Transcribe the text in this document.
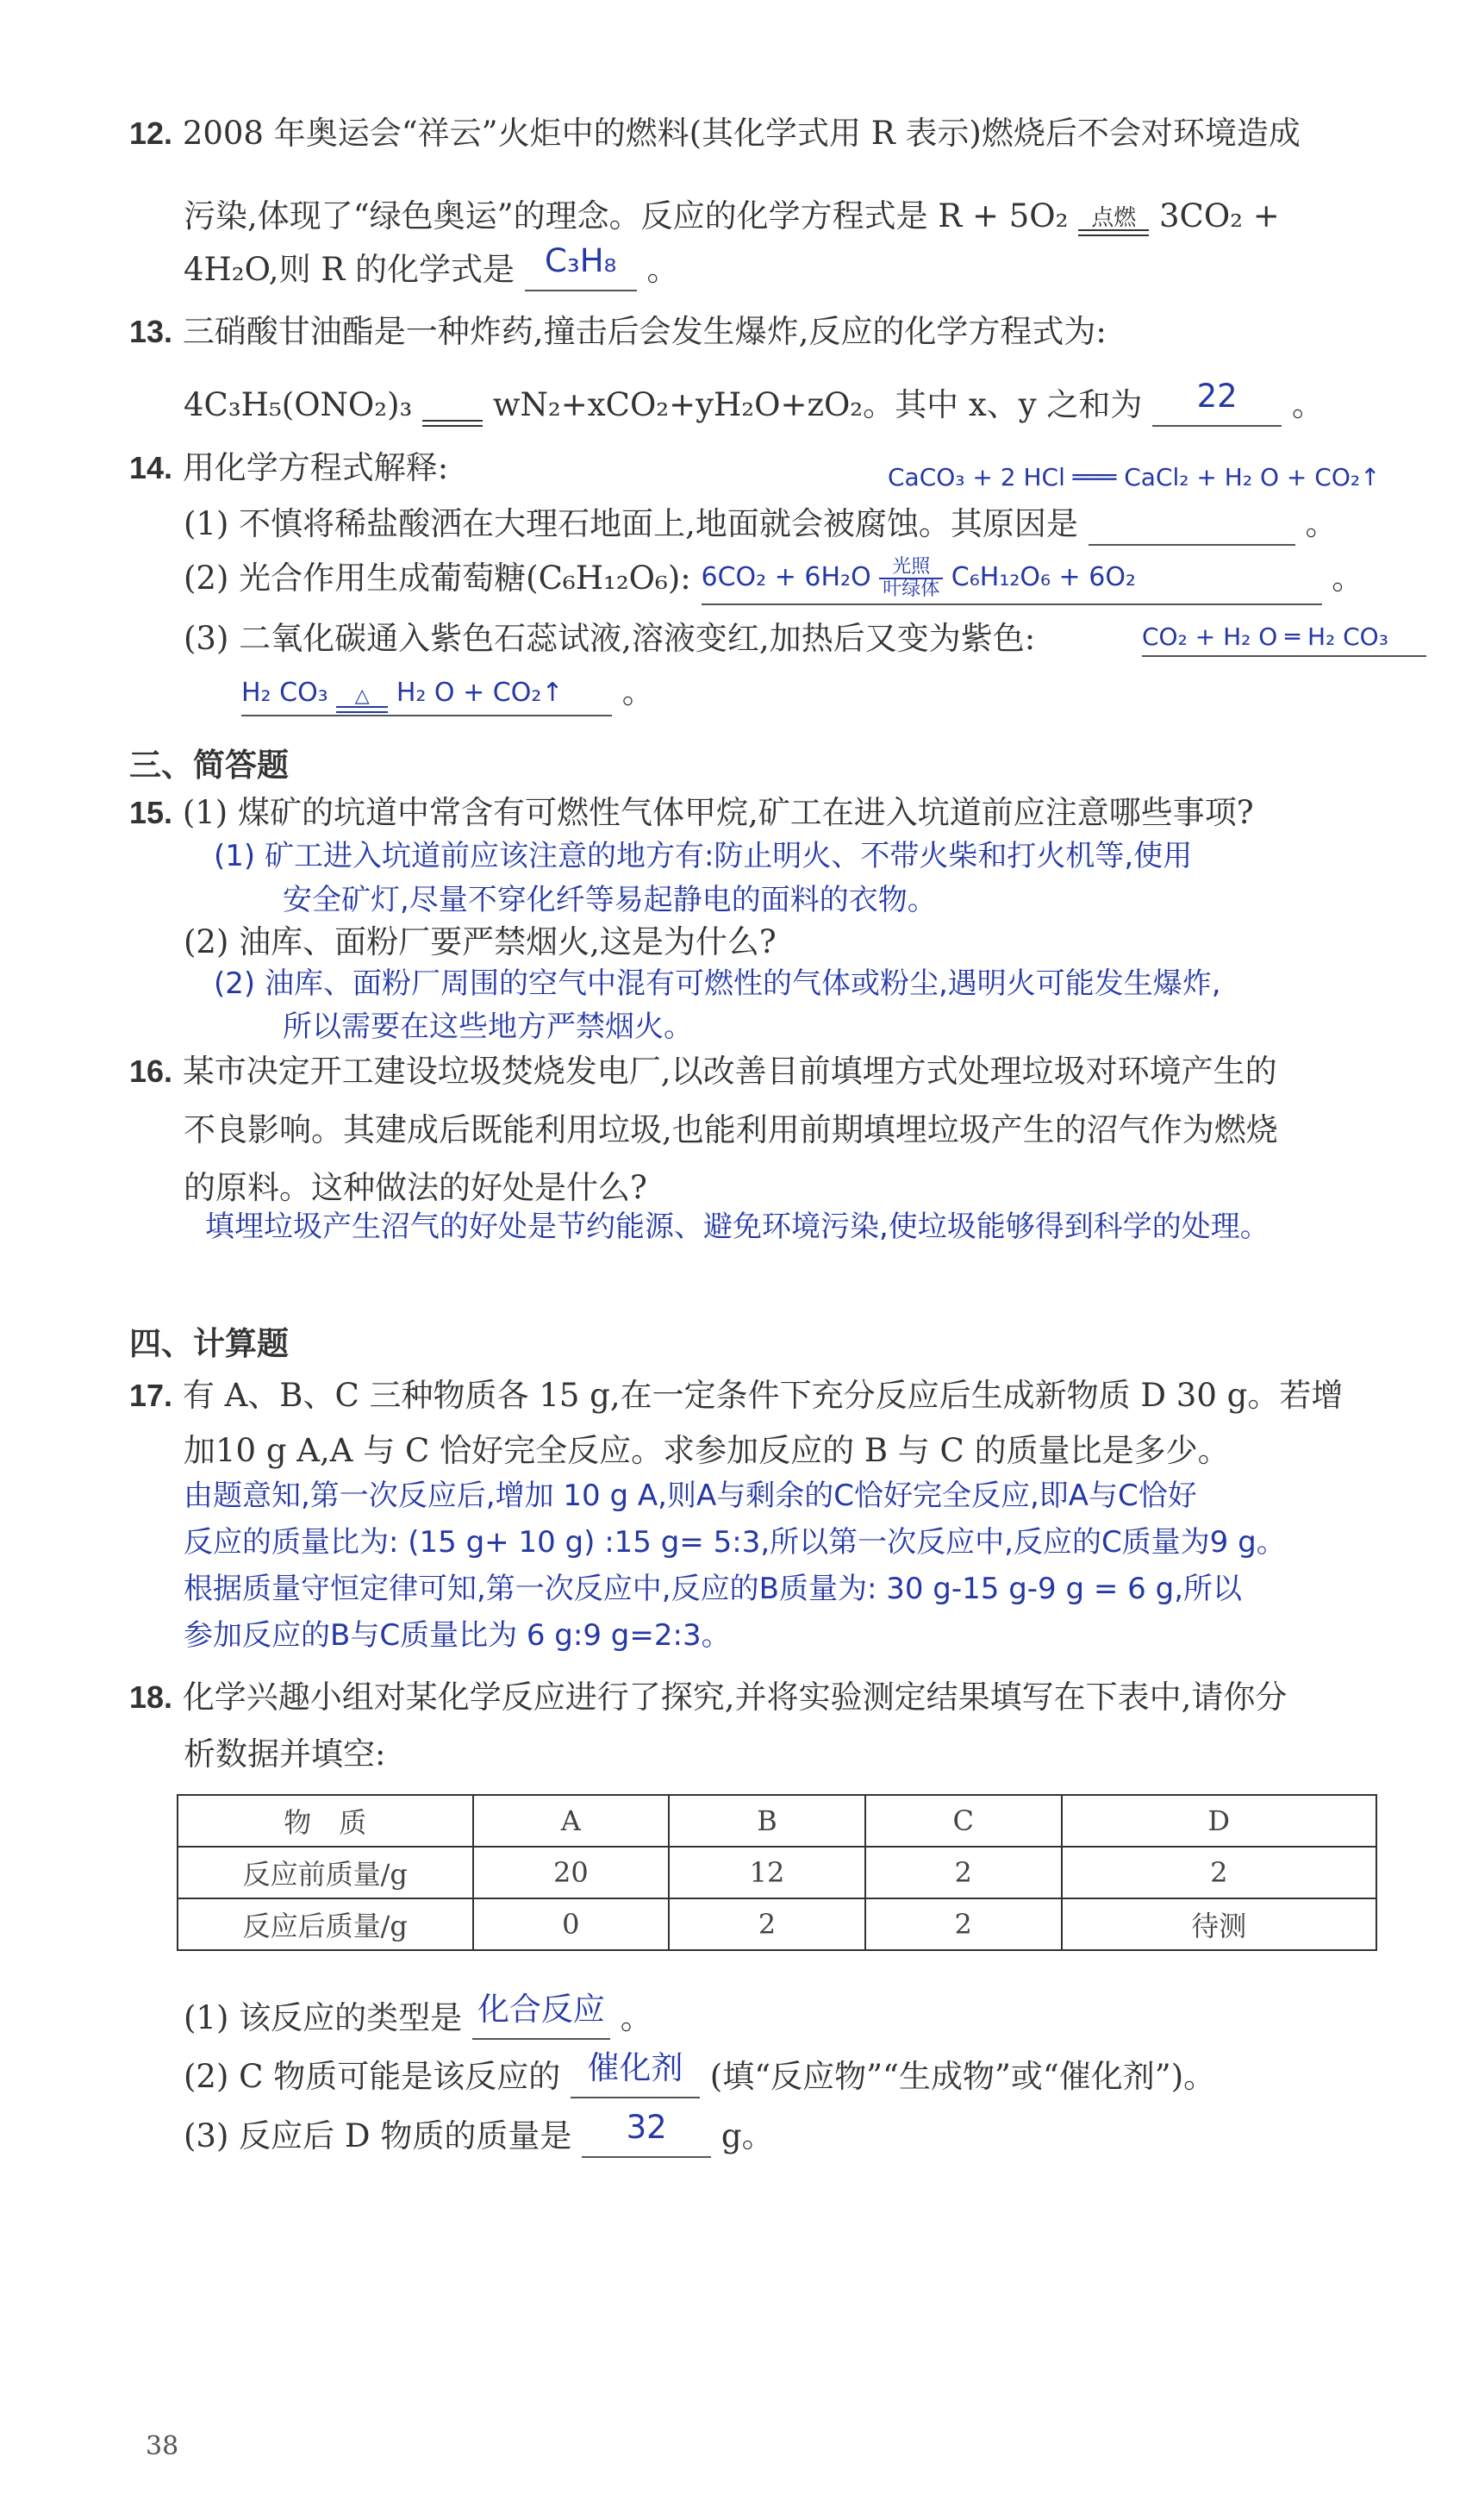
12. 2008 年奥运会“祥云”火炬中的燃料(其化学式用 R 表示)燃烧后不会对环境造成
污染,体现了“绿色奥运”的理念。反应的化学方程式是 R + 5O₂	点燃 3CO₂ +
4H₂O,则 R 的化学式是 C₃H₈ 。
13. 三硝酸甘油酯是一种炸药,撞击后会发生爆炸,反应的化学方程式为:
4C₃H₅(ONO₂)₃	wN₂+xCO₂+yH₂O+zO₂。其中 x、y 之和为 22 。
14. 用化学方程式解释:	CaCO₃ + 2 HCl ═══ CaCl₂ + H₂ O + CO₂↑
(1) 不慎将稀盐酸洒在大理石地面上,地面就会被腐蚀。其原因是	。
(2) 光合作用生成葡萄糖(C₆H₁₂O₆): $6CO_2 + 6H_2O \frac{\text{光照}}{\text{叶绿体}} C_6H_{12}O_6 + 6O_2$	。
(3) 二氧化碳通入紫色石蕊试液,溶液变红,加热后又变为紫色:	CO₂ + H₂ O ═ H₂ CO₃
H₂ CO₃	△	H₂ O + CO₂↑ 。
三、简答题
15. (1) 煤矿的坑道中常含有可燃性气体甲烷,矿工在进入坑道前应注意哪些事项?
(1) 矿工进入坑道前应该注意的地方有:防止明火、不带火柴和打火机等,使用
安全矿灯,尽量不穿化纤等易起静电的面料的衣物。
(2) 油库、面粉厂要严禁烟火,这是为什么?
(2) 油库、面粉厂周围的空气中混有可燃性的气体或粉尘,遇明火可能发生爆炸,
所以需要在这些地方严禁烟火。
16. 某市决定开工建设垃圾焚烧发电厂,以改善目前填埋方式处理垃圾对环境产生的
不良影响。其建成后既能利用垃圾,也能利用前期填埋垃圾产生的沼气作为燃烧
的原料。这种做法的好处是什么?
填埋垃圾产生沼气的好处是节约能源、避免环境污染,使垃圾能够得到科学的处理。
四、计算题
17. 有 A、B、C 三种物质各 15 g,在一定条件下充分反应后生成新物质 D 30 g。若增
加10 g A,A 与 C 恰好完全反应。求参加反应的 B 与 C 的质量比是多少。
由题意知,第一次反应后,增加 10 g A,则A与剩余的C恰好完全反应,即A与C恰好
反应的质量比为: (15 g+ 10 g) :15 g= 5:3,所以第一次反应中,反应的C质量为9 g。
根据质量守恒定律可知,第一次反应中,反应的B质量为: 30 g-15 g-9 g = 6 g,所以
参加反应的B与C质量比为 6 g:9 g=2:3。
18. 化学兴趣小组对某化学反应进行了探究,并将实验测定结果填写在下表中,请你分
析数据并填空:
物　质	A	B	C	D
反应前质量/g	20	12	2	2
反应后质量/g	0	2	2	待测
(1) 该反应的类型是 化合反应 。
(2) C 物质可能是该反应的 催化剂 (填“反应物”“生成物”或“催化剂”)。
(3) 反应后 D 物质的质量是 32 g。
38
